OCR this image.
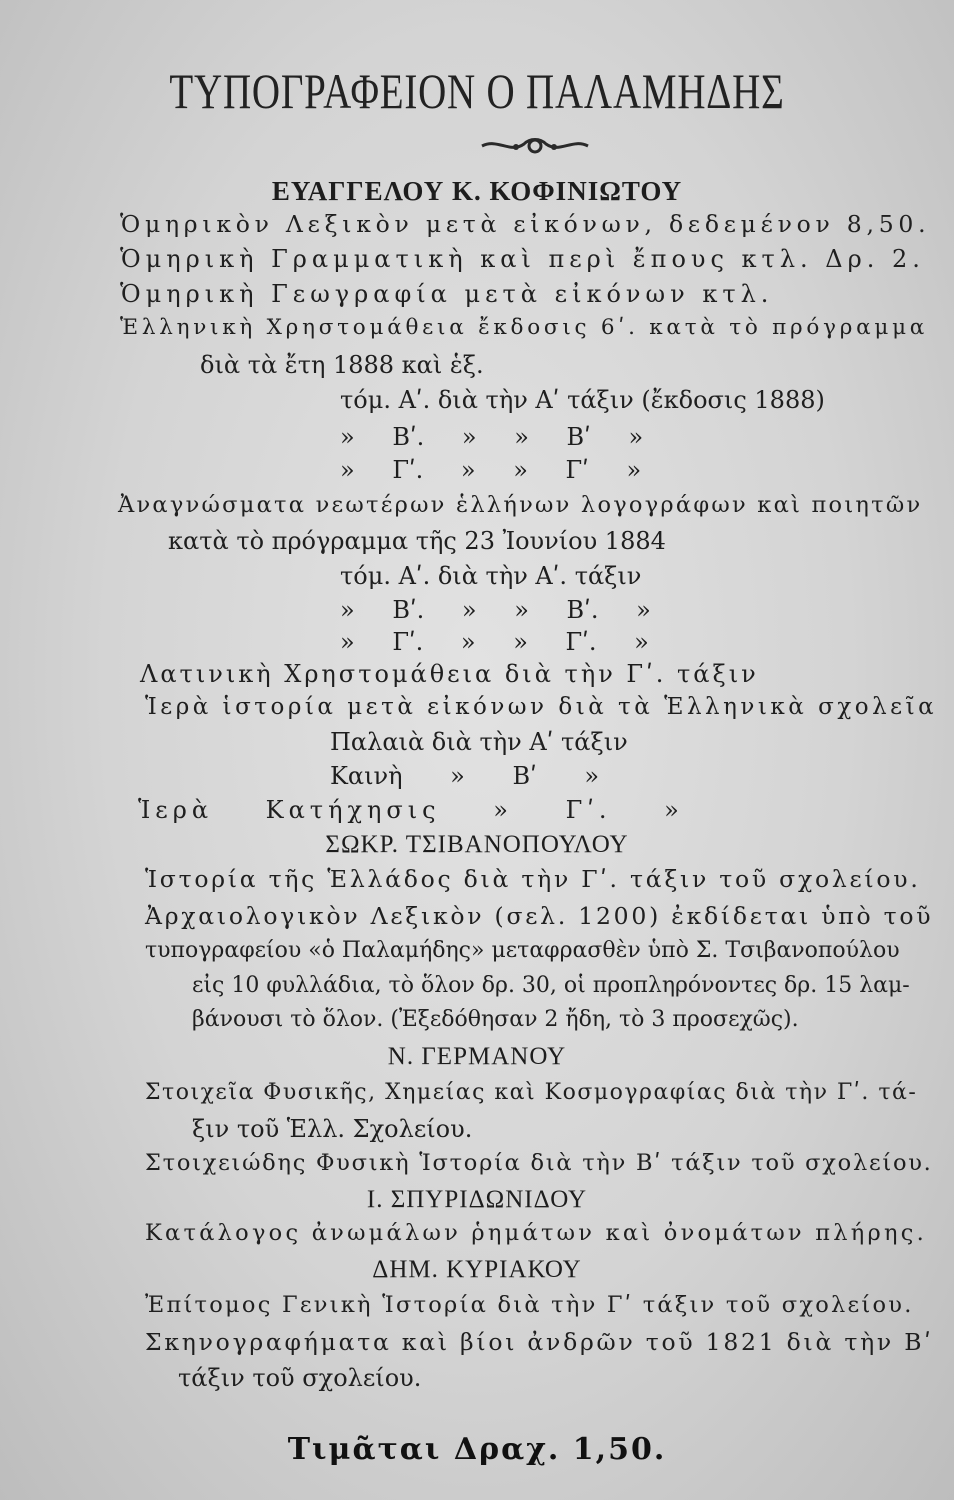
ΤΥΠΟΓΡΑΦΕΙΟΝ Ο ΠΑΛΑΜΗΔΗΣ
ΕΥΑΓΓΕΛΟΥ Κ. ΚΟΦΙΝΙΩΤΟΥ
Ὁμηρικὸν Λεξικὸν μετὰ εἰκόνων, δεδεμένον 8,50.
Ὁμηρικὴ Γραμματικὴ καὶ περὶ ἔπους κτλ. Δρ. 2.
Ὁμηρικὴ Γεωγραφία μετὰ εἰκόνων κτλ.
Ἑλληνικὴ Χρηστομάθεια ἔκδοσις 6ʹ. κατὰ τὸ πρόγραμμα
διὰ τὰ ἔτη 1888 καὶ ἑξ.
τόμ. Αʹ. διὰ τὴν Αʹ τάξιν (ἔκδοσις 1888)
» Βʹ. » » Βʹ »
» Γʹ. » » Γʹ »
Ἀναγνώσματα νεωτέρων ἑλλήνων λογογράφων καὶ ποιητῶν
κατὰ τὸ πρόγραμμα τῆς 23 Ἰουνίου 1884
τόμ. Αʹ. διὰ τὴν Αʹ. τάξιν
» Βʹ. » » Βʹ. »
» Γʹ. » » Γʹ. »
Λατινικὴ Χρηστομάθεια διὰ τὴν Γʹ. τάξιν
Ἱερὰ ἱστορία μετὰ εἰκόνων διὰ τὰ Ἑλληνικὰ σχολεῖα
Παλαιὰ διὰ τὴν Αʹ τάξιν
Καινὴ » Βʹ »
Ἱερὰ Κατήχησις » Γʹ. »
ΣΩΚΡ. ΤΣΙΒΑΝΟΠΟΥΛΟΥ
Ἱστορία τῆς Ἑλλάδος διὰ τὴν Γʹ. τάξιν τοῦ σχολείου.
Ἀρχαιολογικὸν Λεξικὸν (σελ. 1200) ἐκδίδεται ὑπὸ τοῦ
τυπογραφείου «ὁ Παλαμήδης» μεταφρασθὲν ὑπὸ Σ. Τσιβανοπούλου
εἰς 10 φυλλάδια, τὸ ὅλον δρ. 30, οἱ προπληρόνοντες δρ. 15 λαμ-
βάνουσι τὸ ὅλον. (Ἐξεδόθησαν 2 ἤδη, τὸ 3 προσεχῶς).
Ν. ΓΕΡΜΑΝΟΥ
Στοιχεῖα Φυσικῆς, Χημείας καὶ Κοσμογραφίας διὰ τὴν Γʹ. τά-
ξιν τοῦ Ἑλλ. Σχολείου.
Στοιχειώδης Φυσικὴ Ἱστορία διὰ τὴν Βʹ τάξιν τοῦ σχολείου.
Ι. ΣΠΥΡΙΔΩΝΙΔΟΥ
Κατάλογος ἀνωμάλων ῥημάτων καὶ ὀνομάτων πλήρης.
ΔΗΜ. ΚΥΡΙΑΚΟΥ
Ἐπίτομος Γενικὴ Ἱστορία διὰ τὴν Γʹ τάξιν τοῦ σχολείου.
Σκηνογραφήματα καὶ βίοι ἀνδρῶν τοῦ 1821 διὰ τὴν Βʹ
τάξιν τοῦ σχολείου.
Τιμᾶται Δραχ. 1,50.
